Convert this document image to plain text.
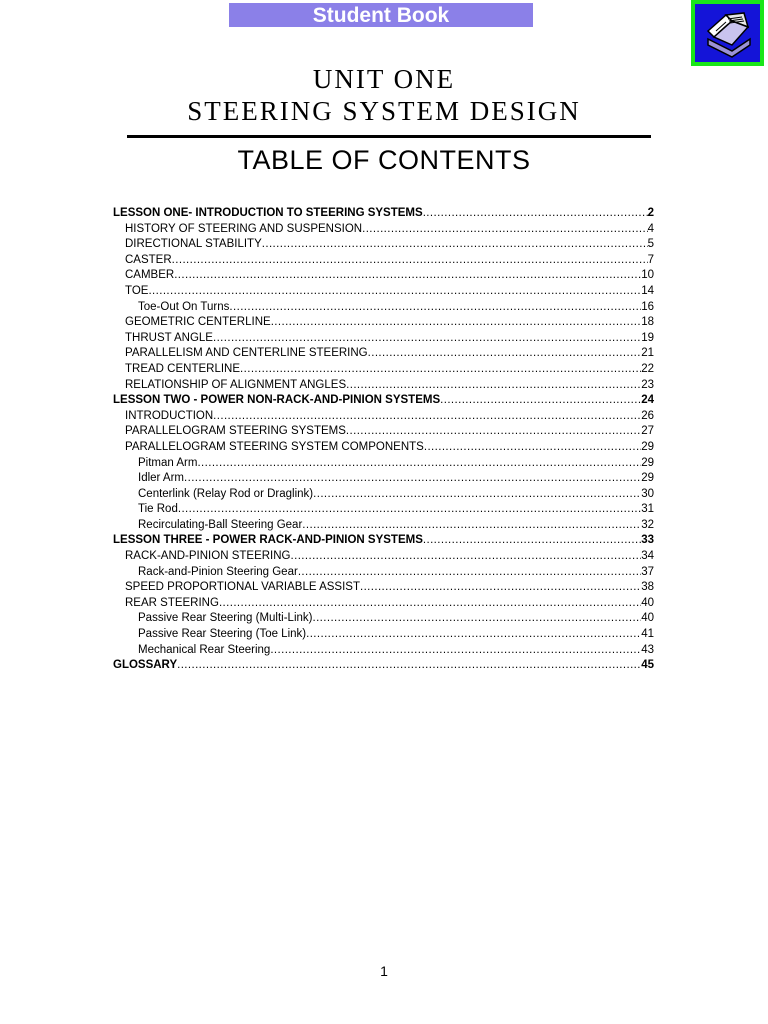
Student Book
UNIT ONE
STEERING SYSTEM DESIGN
TABLE OF CONTENTS
LESSON ONE- INTRODUCTION TO STEERING SYSTEMS .....	2
HISTORY OF STEERING AND SUSPENSION .....	4
DIRECTIONAL STABILITY .....	5
CASTER .....	7
CAMBER .....	10
TOE .....	14
Toe-Out On Turns .....	16
GEOMETRIC CENTERLINE .....	18
THRUST ANGLE .....	19
PARALLELISM AND CENTERLINE STEERING .....	21
TREAD CENTERLINE .....	22
RELATIONSHIP OF ALIGNMENT ANGLES .....	23
LESSON TWO - POWER NON-RACK-AND-PINION SYSTEMS .....	24
INTRODUCTION .....	26
PARALLELOGRAM STEERING SYSTEMS .....	27
PARALLELOGRAM STEERING SYSTEM COMPONENTS .....	29
Pitman Arm .....	29
Idler Arm .....	29
Centerlink (Relay Rod or Draglink) .....	30
Tie Rod .....	31
Recirculating-Ball Steering Gear .....	32
LESSON THREE - POWER RACK-AND-PINION SYSTEMS .....	33
RACK-AND-PINION STEERING .....	34
Rack-and-Pinion Steering Gear .....	37
SPEED PROPORTIONAL VARIABLE ASSIST .....	38
REAR STEERING .....	40
Passive Rear Steering (Multi-Link) .....	40
Passive Rear Steering (Toe Link) .....	41
Mechanical Rear Steering .....	43
GLOSSARY .....	45
1
